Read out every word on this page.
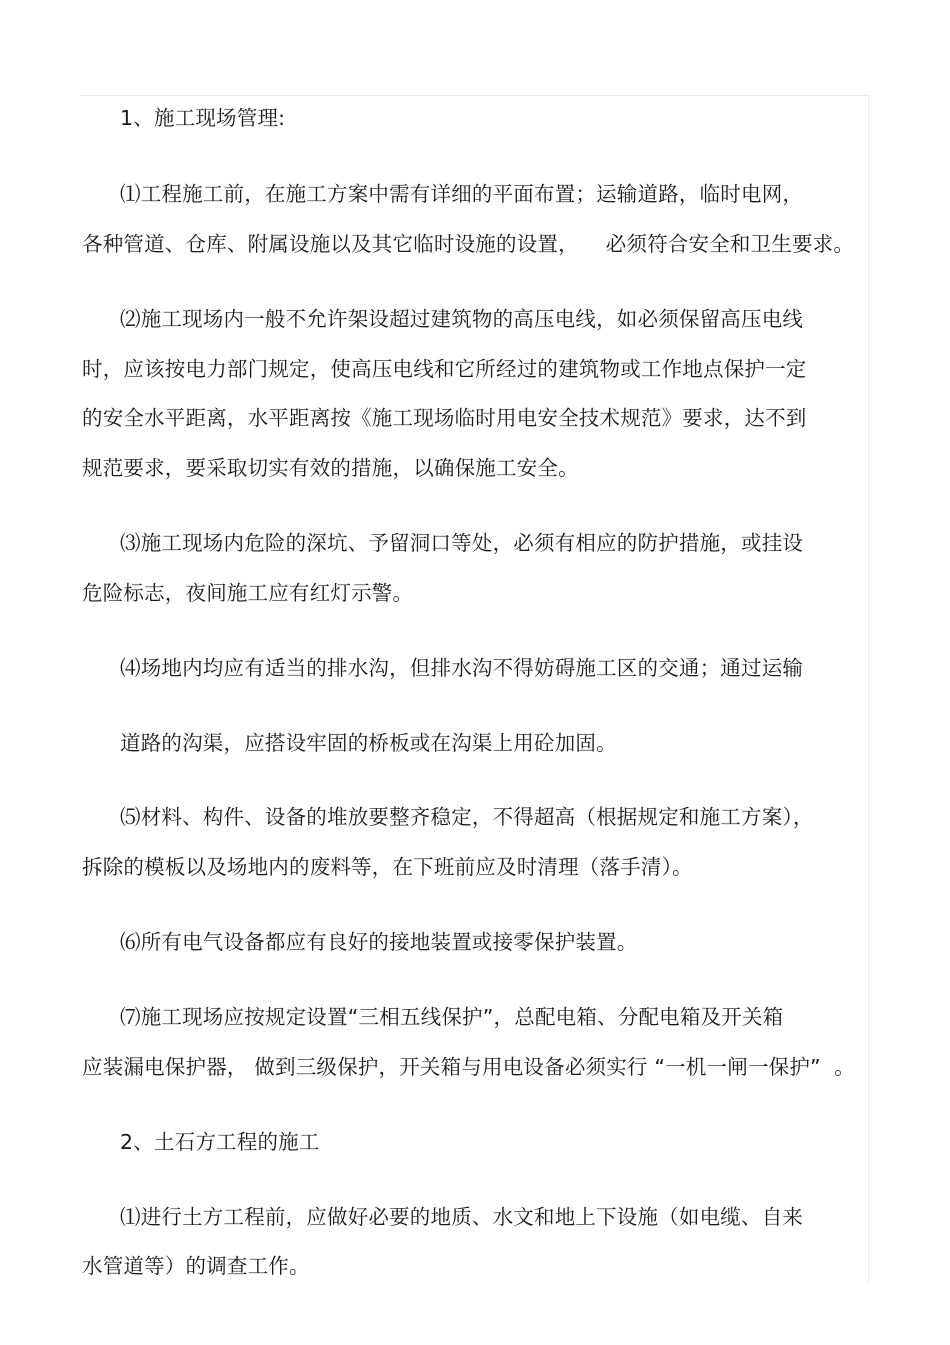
1、施工现场管理:
⑴工程施工前，在施工方案中需有详细的平面布置；运输道路，临时电网，
各种管道、仓库、附属设施以及其它临时设施的设置，    必须符合安全和卫生要求。
⑵施工现场内一般不允许架设超过建筑物的高压电线，如必须保留高压电线
时，应该按电力部门规定，使高压电线和它所经过的建筑物或工作地点保护一定
的安全水平距离，水平距离按《施工现场临时用电安全技术规范》要求，达不到
规范要求，要采取切实有效的措施，以确保施工安全。
⑶施工现场内危险的深坑、予留洞口等处，必须有相应的防护措施，或挂设
危险标志，夜间施工应有红灯示警。
⑷场地内均应有适当的排水沟，但排水沟不得妨碍施工区的交通；通过运输
道路的沟渠，应搭设牢固的桥板或在沟渠上用砼加固。
⑸材料、构件、设备的堆放要整齐稳定，不得超高（根据规定和施工方案），
拆除的模板以及场地内的废料等，在下班前应及时清理（落手清）。
⑹所有电气设备都应有良好的接地装置或接零保护装置。
⑺施工现场应按规定设置“三相五线保护”，总配电箱、分配电箱及开关箱
应装漏电保护器， 做到三级保护，开关箱与用电设备必须实行 “一机一闸一保护”  。
2、土石方工程的施工
⑴进行土方工程前，应做好必要的地质、水文和地上下设施（如电缆、自来
水管道等）的调查工作。
